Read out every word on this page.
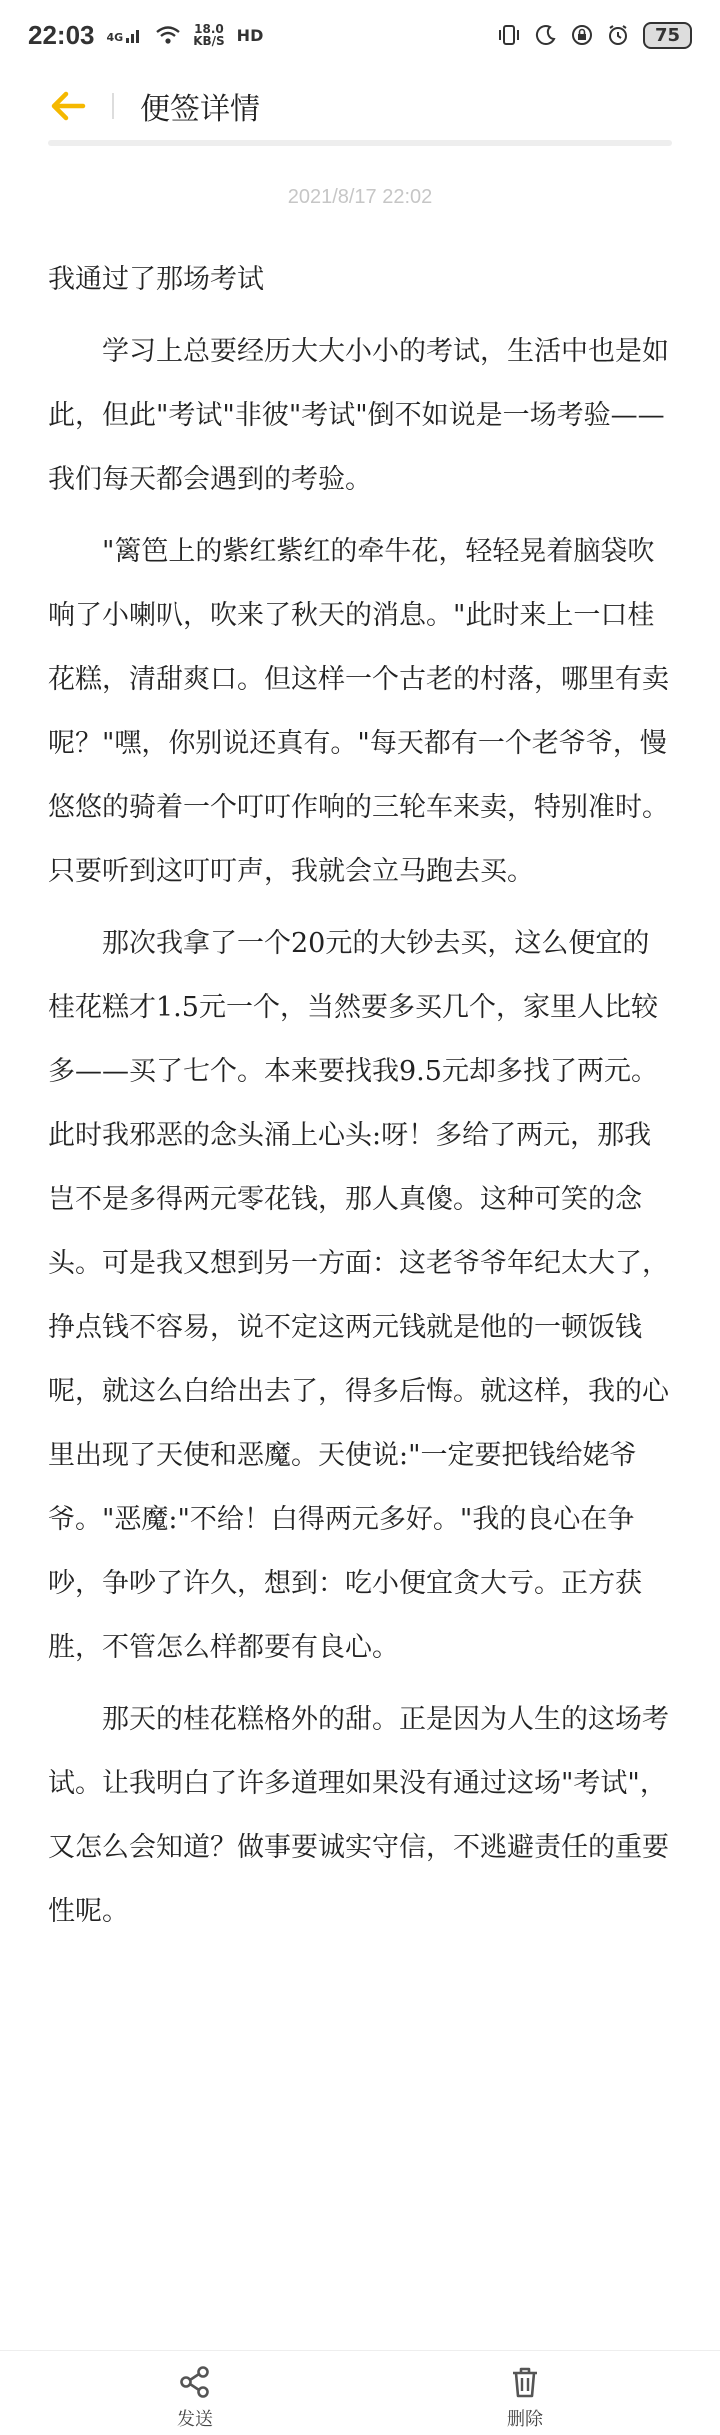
22:03 4G
18.0
KB/S HD	75
便签详情
2021/8/17 22:02
我通过了那场考试
学习上总要经历大大小小的考试，生活中也是如此，但此"考试"非彼"考试"倒不如说是一场考验——我们每天都会遇到的考验。
"篱笆上的紫红紫红的牵牛花，轻轻晃着脑袋吹响了小喇叭，吹来了秋天的消息。"此时来上一口桂花糕，清甜爽口。但这样一个古老的村落，哪里有卖呢？"嘿，你别说还真有。"每天都有一个老爷爷，慢悠悠的骑着一个叮叮作响的三轮车来卖，特别准时。只要听到这叮叮声，我就会立马跑去买。
那次我拿了一个20元的大钞去买，这么便宜的桂花糕才1.5元一个，当然要多买几个，家里人比较多——买了七个。本来要找我9.5元却多找了两元。此时我邪恶的念头涌上心头:呀！多给了两元，那我岂不是多得两元零花钱，那人真傻。这种可笑的念头。可是我又想到另一方面：这老爷爷年纪太大了，挣点钱不容易，说不定这两元钱就是他的一顿饭钱呢，就这么白给出去了，得多后悔。就这样，我的心里出现了天使和恶魔。天使说:"一定要把钱给姥爷爷。"恶魔:"不给！白得两元多好。"我的良心在争吵，争吵了许久，想到：吃小便宜贪大亏。正方获胜，不管怎么样都要有良心。
那天的桂花糕格外的甜。正是因为人生的这场考试。让我明白了许多道理如果没有通过这场"考试"，又怎么会知道？做事要诚实守信，不逃避责任的重要性呢。
发送	删除
